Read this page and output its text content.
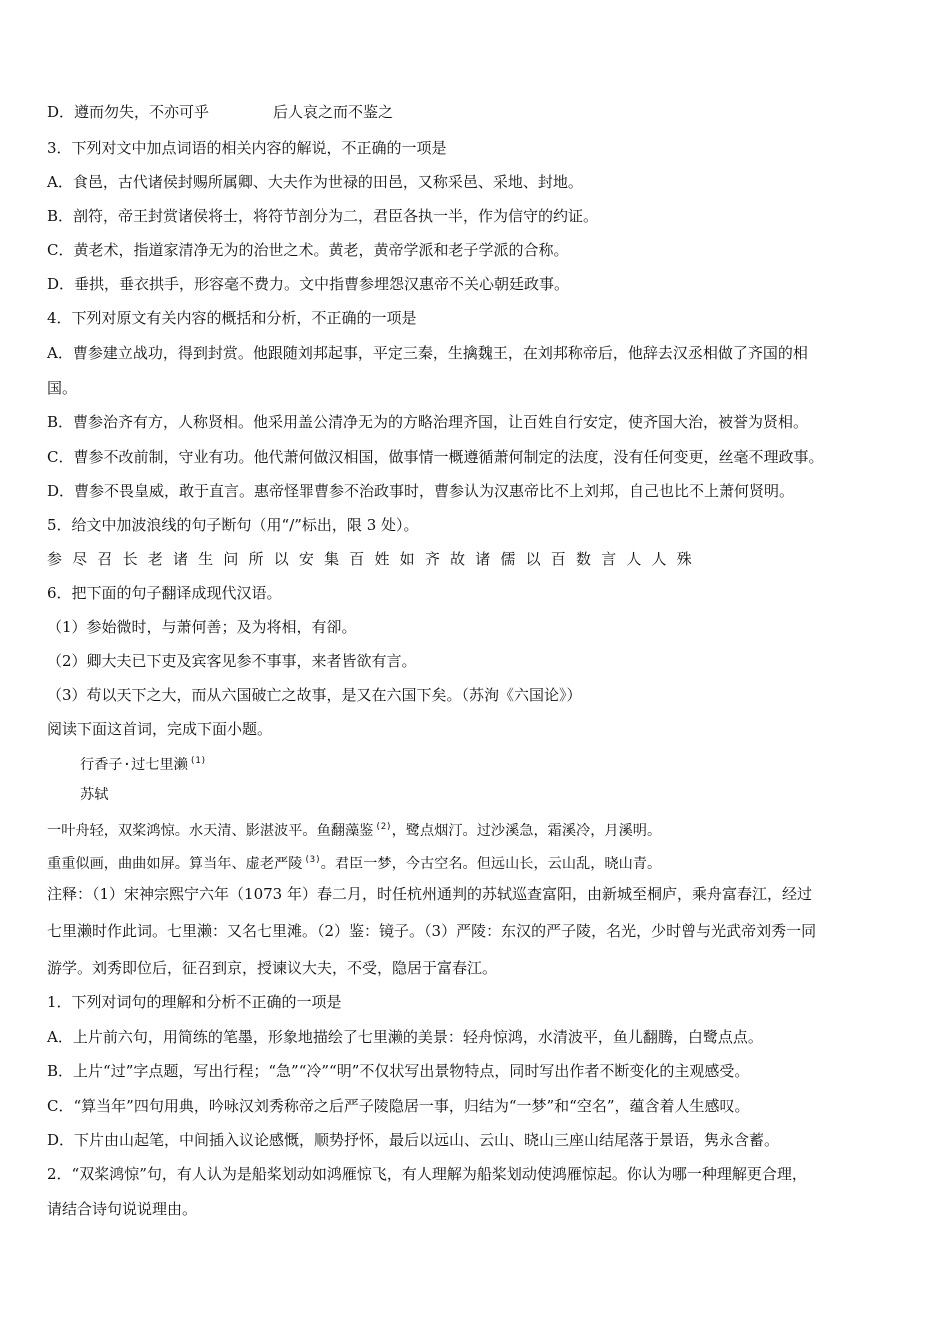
D．遵而勿失，不亦可乎	后人哀之而不鉴之
3．下列对文中加点词语的相关内容的解说，不正确的一项是
A．食邑，古代诸侯封赐所属卿、大夫作为世禄的田邑，又称采邑、采地、封地。
B．剖符，帝王封赏诸侯将士，将符节剖分为二，君臣各执一半，作为信守的约证。
C．黄老术，指道家清净无为的治世之术。黄老，黄帝学派和老子学派的合称。
D．垂拱，垂衣拱手，形容毫不费力。文中指曹参埋怨汉惠帝不关心朝廷政事。
4．下列对原文有关内容的概括和分析，不正确的一项是
A．曹参建立战功，得到封赏。他跟随刘邦起事，平定三秦，生擒魏王，在刘邦称帝后，他辞去汉丞相做了齐国的相
国。
B．曹参治齐有方，人称贤相。他采用盖公清净无为的方略治理齐国，让百姓自行安定，使齐国大治，被誉为贤相。
C．曹参不改前制，守业有功。他代萧何做汉相国，做事情一概遵循萧何制定的法度，没有任何变更，丝毫不理政事。
D．曹参不畏皇威，敢于直言。惠帝怪罪曹参不治政事时，曹参认为汉惠帝比不上刘邦，自己也比不上萧何贤明。
5．给文中加波浪线的句子断句（用“/”标出，限 3 处）。
参 尽 召 长 老 诸 生 问 所 以 安 集 百 姓 如 齐 故 诸 儒 以 百 数 言 人 人 殊
6．把下面的句子翻译成现代汉语。
（1）参始微时，与萧何善；及为将相，有卻。
（2）卿大夫已下吏及宾客见参不事事，来者皆欲有言。
（3）苟以天下之大，而从六国破亡之故事，是又在六国下矣。（苏洵《六国论》）
阅读下面这首词，完成下面小题。
行香子·过七里濑 $^{(1)}$
苏轼
一叶舟轻，双桨鸿惊。水天清、影湛波平。鱼翻藻鉴 $^{(2)}$，鹭点烟汀。过沙溪急，霜溪冷，月溪明。
重重似画，曲曲如屏。算当年、虚老严陵 $^{(3)}$。君臣一梦，今古空名。但远山长，云山乱，晓山青。
注释：（1）宋神宗熙宁六年（1073 年）春二月，时任杭州通判的苏轼巡查富阳，由新城至桐庐，乘舟富春江，经过
七里濑时作此词。七里濑：又名七里滩。（2）鉴：镜子。（3）严陵：东汉的严子陵，名光，少时曾与光武帝刘秀一同
游学。刘秀即位后，征召到京，授谏议大夫，不受，隐居于富春江。
1．下列对词句的理解和分析不正确的一项是
A．上片前六句，用简练的笔墨，形象地描绘了七里濑的美景：轻舟惊鸿，水清波平，鱼儿翻腾，白鹭点点。
B．上片“过”字点题，写出行程；“急”“冷”“明”不仅状写出景物特点，同时写出作者不断变化的主观感受。
C．“算当年”四句用典，吟咏汉刘秀称帝之后严子陵隐居一事，归结为“一梦”和“空名”，蕴含着人生感叹。
D．下片由山起笔，中间插入议论感慨，顺势抒怀，最后以远山、云山、晓山三座山结尾落于景语，隽永含蓄。
2．“双桨鸿惊”句，有人认为是船桨划动如鸿雁惊飞，有人理解为船桨划动使鸿雁惊起。你认为哪一种理解更合理，
请结合诗句说说理由。
